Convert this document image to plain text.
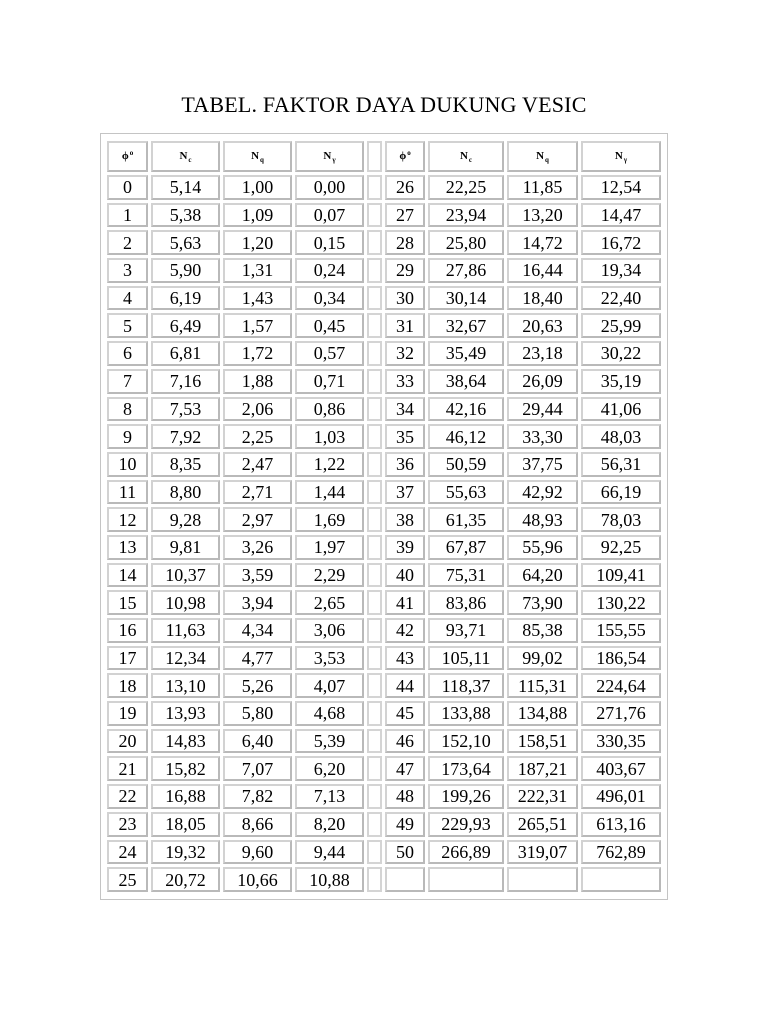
TABEL. FAKTOR DAYA DUKUNG VESIC
$\phi^o$	$N_c$	$N_q$	$N_\gamma$		$\phi^o$	$N_c$	$N_q$	$N_\gamma$
0	5,14	1,00	0,00		26	22,25	11,85	12,54
1	5,38	1,09	0,07		27	23,94	13,20	14,47
2	5,63	1,20	0,15		28	25,80	14,72	16,72
3	5,90	1,31	0,24		29	27,86	16,44	19,34
4	6,19	1,43	0,34		30	30,14	18,40	22,40
5	6,49	1,57	0,45		31	32,67	20,63	25,99
6	6,81	1,72	0,57		32	35,49	23,18	30,22
7	7,16	1,88	0,71		33	38,64	26,09	35,19
8	7,53	2,06	0,86		34	42,16	29,44	41,06
9	7,92	2,25	1,03		35	46,12	33,30	48,03
10	8,35	2,47	1,22		36	50,59	37,75	56,31
11	8,80	2,71	1,44		37	55,63	42,92	66,19
12	9,28	2,97	1,69		38	61,35	48,93	78,03
13	9,81	3,26	1,97		39	67,87	55,96	92,25
14	10,37	3,59	2,29		40	75,31	64,20	109,41
15	10,98	3,94	2,65		41	83,86	73,90	130,22
16	11,63	4,34	3,06		42	93,71	85,38	155,55
17	12,34	4,77	3,53		43	105,11	99,02	186,54
18	13,10	5,26	4,07		44	118,37	115,31	224,64
19	13,93	5,80	4,68		45	133,88	134,88	271,76
20	14,83	6,40	5,39		46	152,10	158,51	330,35
21	15,82	7,07	6,20		47	173,64	187,21	403,67
22	16,88	7,82	7,13		48	199,26	222,31	496,01
23	18,05	8,66	8,20		49	229,93	265,51	613,16
24	19,32	9,60	9,44		50	266,89	319,07	762,89
25	20,72	10,66	10,88					
